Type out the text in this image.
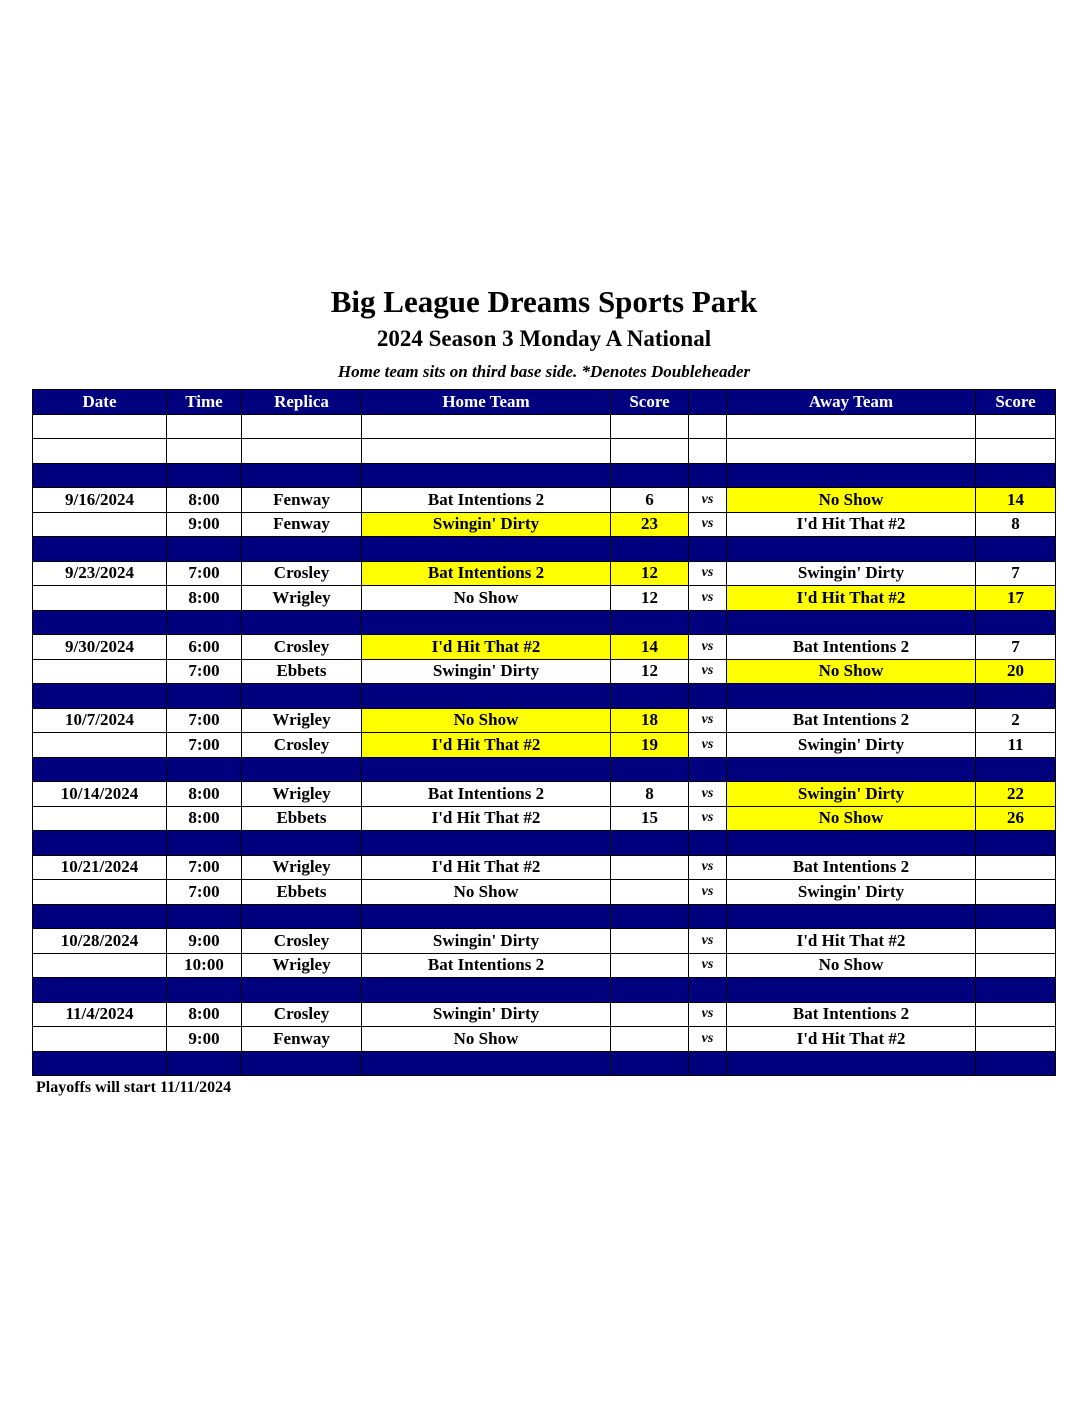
Big League Dreams Sports Park
2024 Season 3 Monday A National
Home team sits on third base side. *Denotes Doubleheader
Date	Time	Replica	Home Team	Score		Away Team	Score

9/16/2024	8:00	Fenway	Bat Intentions 2	6	vs	No Show	14
	9:00	Fenway	Swingin' Dirty	23	vs	I'd Hit That #2	8

9/23/2024	7:00	Crosley	Bat Intentions 2	12	vs	Swingin' Dirty	7
	8:00	Wrigley	No Show	12	vs	I'd Hit That #2	17

9/30/2024	6:00	Crosley	I'd Hit That #2	14	vs	Bat Intentions 2	7
	7:00	Ebbets	Swingin' Dirty	12	vs	No Show	20

10/7/2024	7:00	Wrigley	No Show	18	vs	Bat Intentions 2	2
	7:00	Crosley	I'd Hit That #2	19	vs	Swingin' Dirty	11

10/14/2024	8:00	Wrigley	Bat Intentions 2	8	vs	Swingin' Dirty	22
	8:00	Ebbets	I'd Hit That #2	15	vs	No Show	26

10/21/2024	7:00	Wrigley	I'd Hit That #2		vs	Bat Intentions 2	
	7:00	Ebbets	No Show		vs	Swingin' Dirty	

10/28/2024	9:00	Crosley	Swingin' Dirty		vs	I'd Hit That #2	
	10:00	Wrigley	Bat Intentions 2		vs	No Show	

11/4/2024	8:00	Crosley	Swingin' Dirty		vs	Bat Intentions 2	
	9:00	Fenway	No Show		vs	I'd Hit That #2	

Playoffs will start 11/11/2024
